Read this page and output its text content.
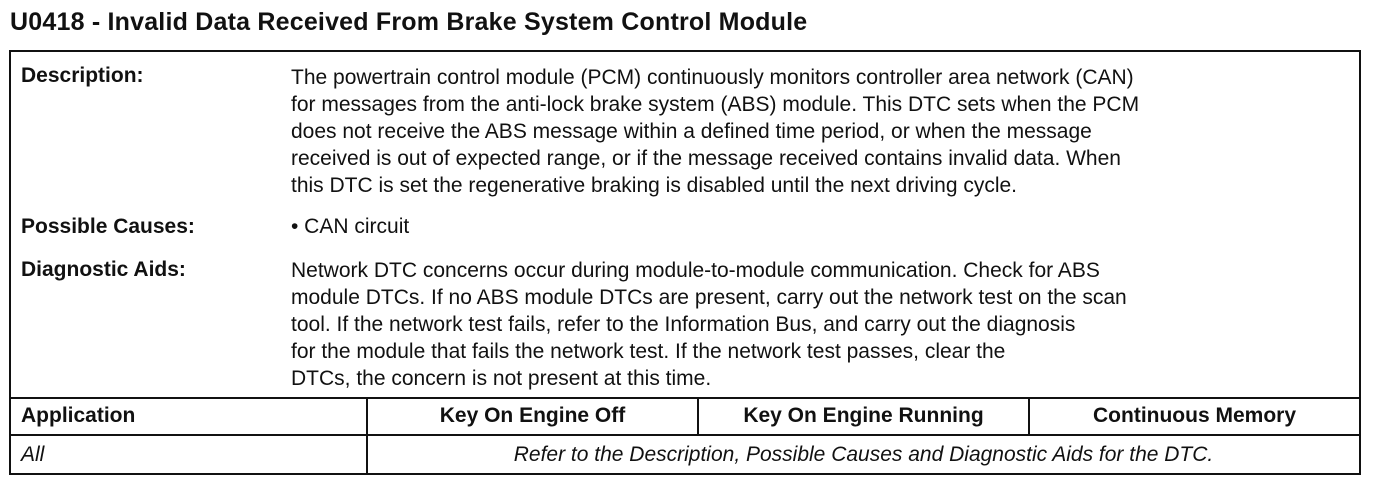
U0418 - Invalid Data Received From Brake System Control Module
Description:	The powertrain control module (PCM) continuously monitors controller area network (CAN)
for messages from the anti-lock brake system (ABS) module. This DTC sets when the PCM
does not receive the ABS message within a defined time period, or when the message
received is out of expected range, or if the message received contains invalid data. When
this DTC is set the regenerative braking is disabled until the next driving cycle.
Possible Causes:	• CAN circuit
Diagnostic Aids:	Network DTC concerns occur during module-to-module communication. Check for ABS
module DTCs. If no ABS module DTCs are present, carry out the network test on the scan
tool. If the network test fails, refer to the Information Bus, and carry out the diagnosis
for the module that fails the network test. If the network test passes, clear the
DTCs, the concern is not present at this time.
Application	Key On Engine Off	Key On Engine Running	Continuous Memory
All	Refer to the Description, Possible Causes and Diagnostic Aids for the DTC.
